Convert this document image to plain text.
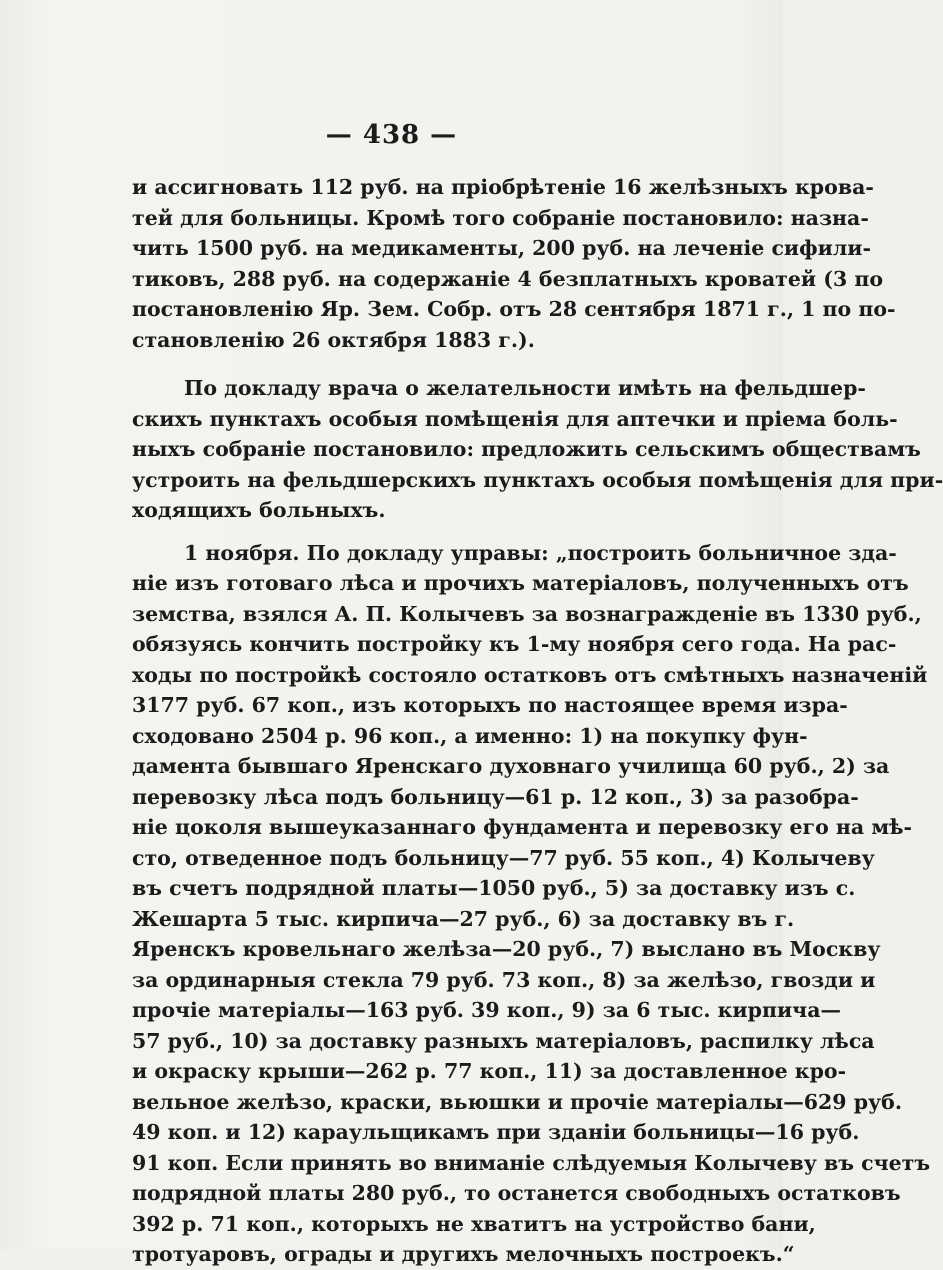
— 438 —
и ассигновать 112 руб. на пріобрѣтеніе 16 желѣзныхъ крова-
тей для больницы. Кромѣ того собраніе постановило: назна-
чить 1500 руб. на медикаменты, 200 руб. на леченіе сифили-
тиковъ, 288 руб. на содержаніе 4 безплатныхъ кроватей (3 по
постановленію Яр. Зем. Собр. отъ 28 сентября 1871 г., 1 по по-
становленію 26 октября 1883 г.).
По докладу врача о желательности имѣть на фельдшер-
скихъ пунктахъ особыя помѣщенія для аптечки и пріема боль-
ныхъ собраніе постановило: предложить сельскимъ обществамъ
устроить на фельдшерскихъ пунктахъ особыя помѣщенія для при-
ходящихъ больныхъ.
1 ноября. По докладу управы: „построить больничное зда-
ніе изъ готоваго лѣса и прочихъ матеріаловъ, полученныхъ отъ
земства, взялся А. П. Колычевъ за вознагражденіе въ 1330 руб.,
обязуясь кончить постройку къ 1-му ноября сего года. На рас-
ходы по постройкѣ состояло остатковъ отъ смѣтныхъ назначеній
3177 руб. 67 коп., изъ которыхъ по настоящее время изра-
сходовано 2504 р. 96 коп., а именно: 1) на покупку фун-
дамента бывшаго Яренскаго духовнаго училища 60 руб., 2) за
перевозку лѣса подъ больницу—61 р. 12 коп., 3) за разобра-
ніе цоколя вышеуказаннаго фундамента и перевозку его на мѣ-
сто, отведенное подъ больницу—77 руб. 55 коп., 4) Колычеву
въ счетъ подрядной платы—1050 руб., 5) за доставку изъ с.
Жешарта 5 тыс. кирпича—27 руб., 6) за доставку въ г.
Яренскъ кровельнаго желѣза—20 руб., 7) выслано въ Москву
за ординарныя стекла 79 руб. 73 коп., 8) за желѣзо, гвозди и
прочіе матеріалы—163 руб. 39 коп., 9) за 6 тыс. кирпича—
57 руб., 10) за доставку разныхъ матеріаловъ, распилку лѣса
и окраску крыши—262 р. 77 коп., 11) за доставленное кро-
вельное желѣзо, краски, вьюшки и прочіе матеріалы—629 руб.
49 коп. и 12) караульщикамъ при зданіи больницы—16 руб.
91 коп. Если принять во вниманіе слѣдуемыя Колычеву въ счетъ
подрядной платы 280 руб., то останется свободныхъ остатковъ
392 р. 71 коп., которыхъ не хватитъ на устройство бани,
тротуаровъ, ограды и другихъ мелочныхъ построекъ.“
